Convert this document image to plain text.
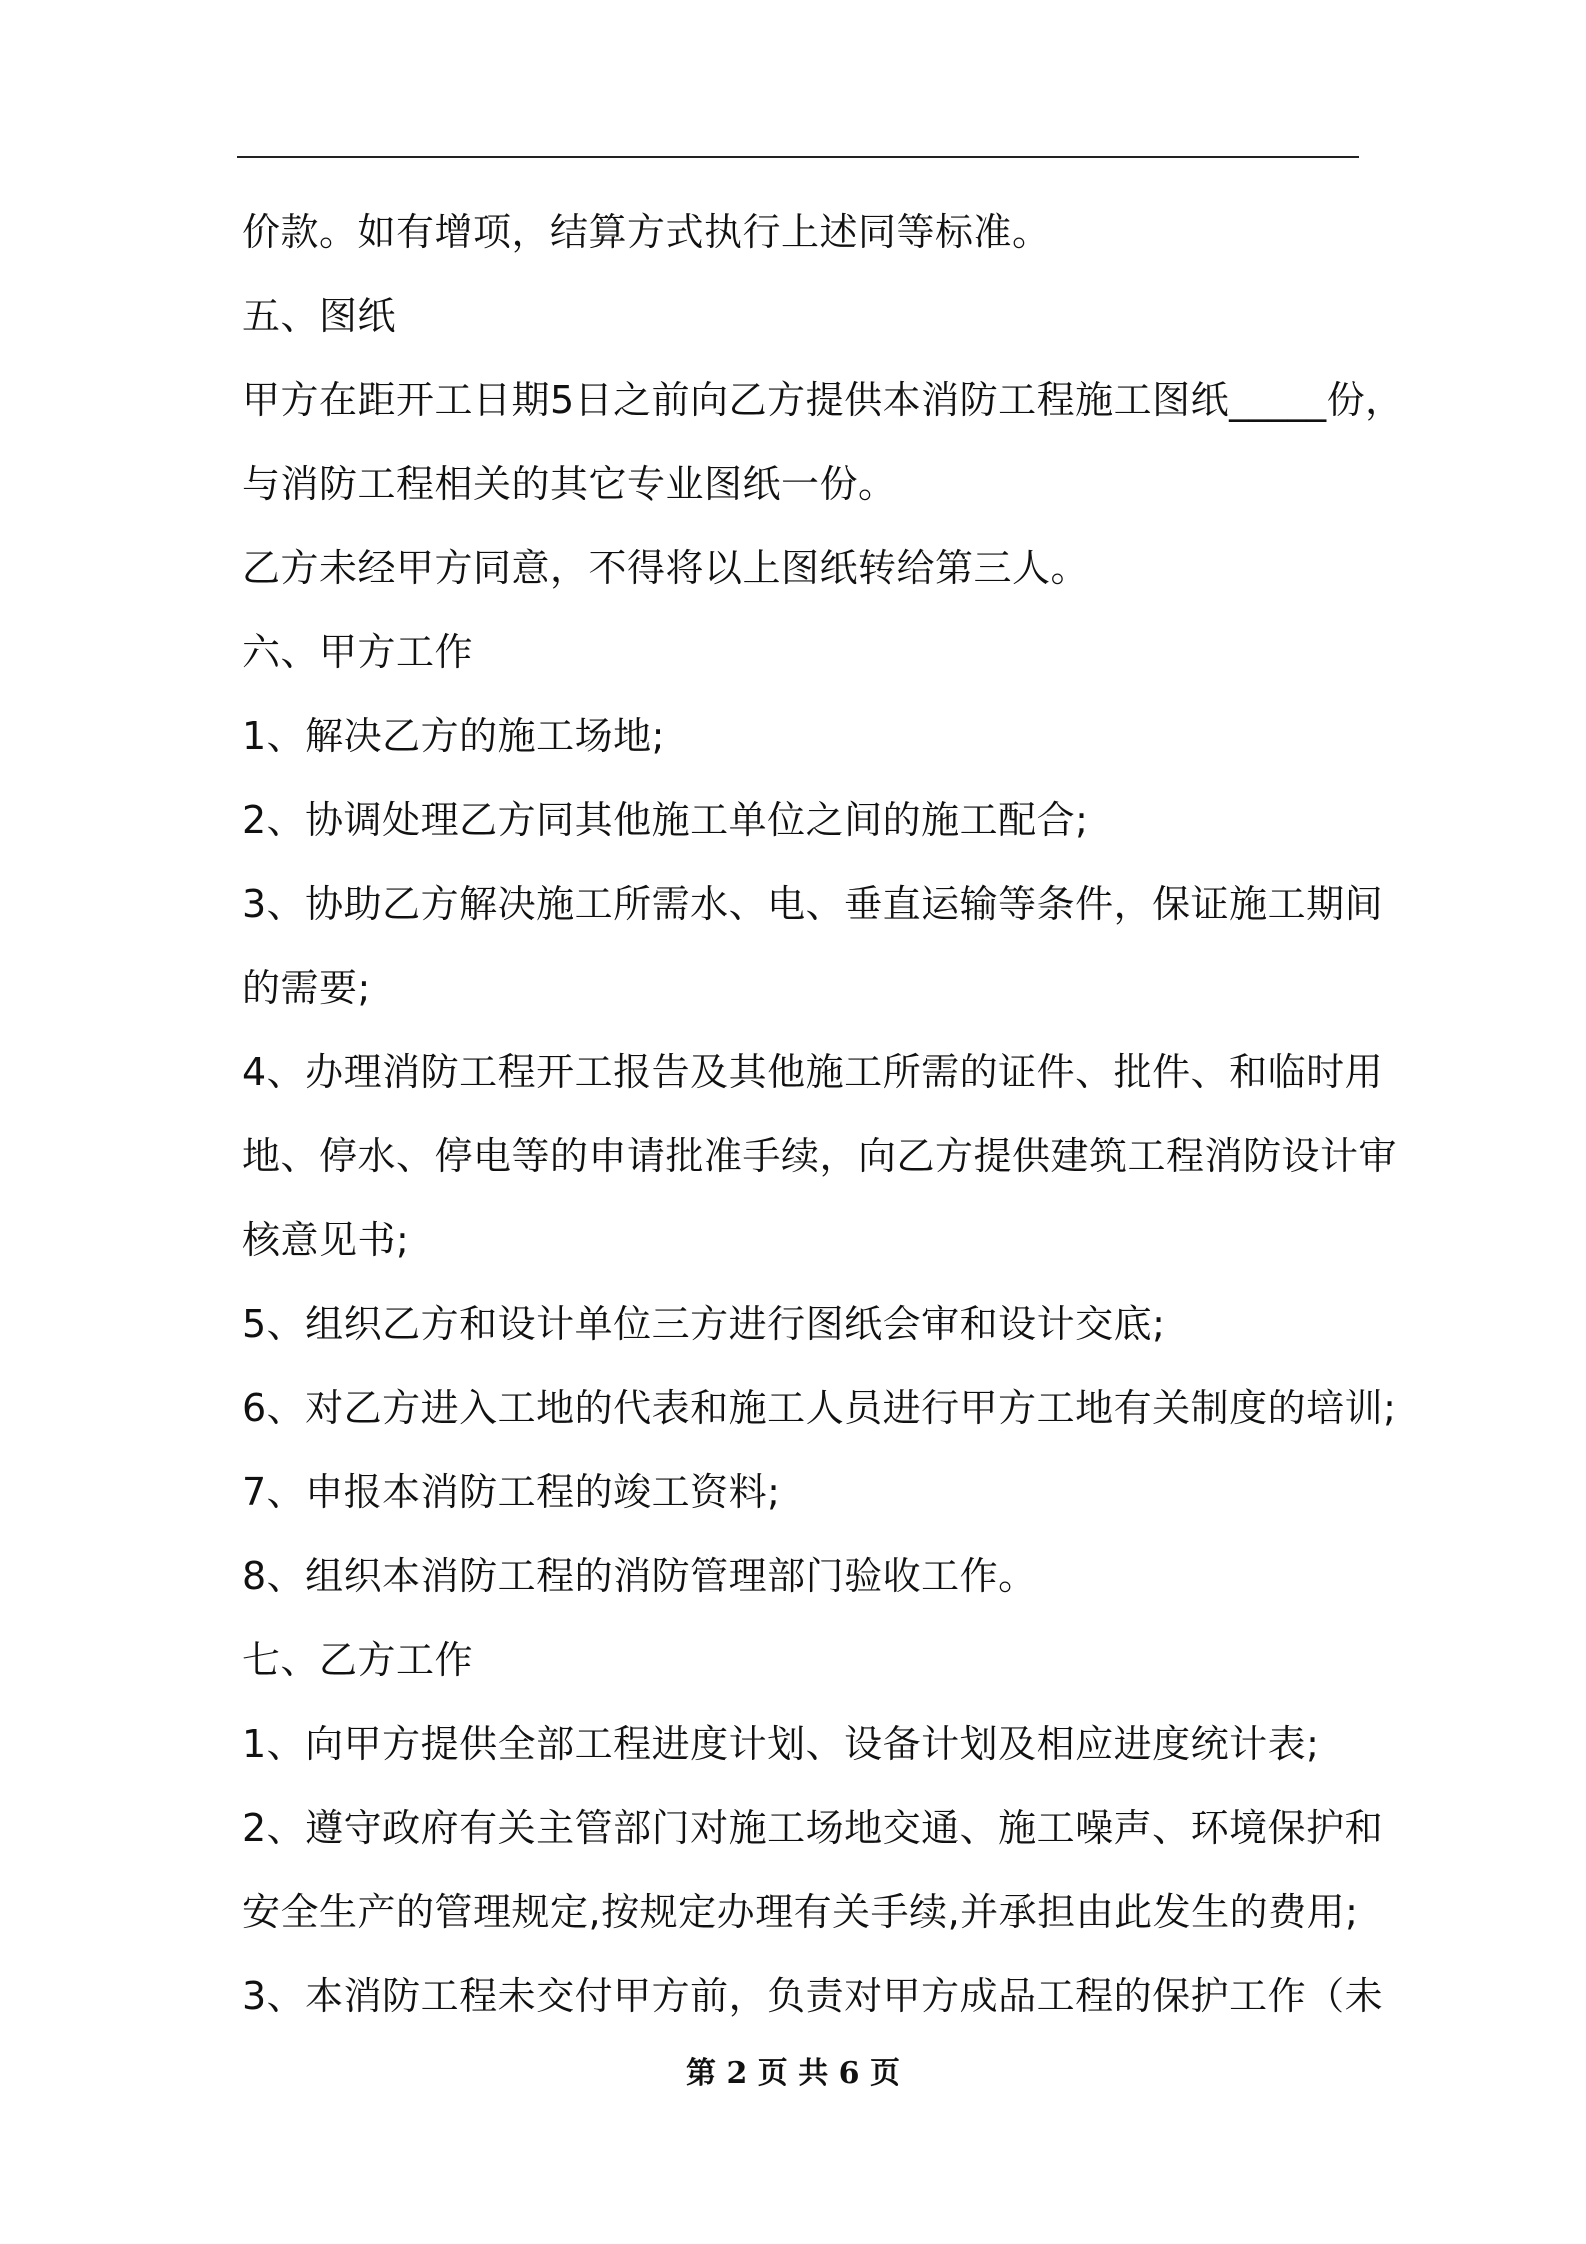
价款。如有增项，结算方式执行上述同等标准。
五、图纸
甲方在距开工日期5日之前向乙方提供本消防工程施工图纸_____份，
与消防工程相关的其它专业图纸一份。
乙方未经甲方同意，不得将以上图纸转给第三人。
六、甲方工作
1、解决乙方的施工场地;
2、协调处理乙方同其他施工单位之间的施工配合;
3、协助乙方解决施工所需水、电、垂直运输等条件，保证施工期间
的需要;
4、办理消防工程开工报告及其他施工所需的证件、批件、和临时用
地、停水、停电等的申请批准手续，向乙方提供建筑工程消防设计审
核意见书;
5、组织乙方和设计单位三方进行图纸会审和设计交底;
6、对乙方进入工地的代表和施工人员进行甲方工地有关制度的培训;
7、申报本消防工程的竣工资料;
8、组织本消防工程的消防管理部门验收工作。
七、乙方工作
1、向甲方提供全部工程进度计划、设备计划及相应进度统计表;
2、遵守政府有关主管部门对施工场地交通、施工噪声、环境保护和
安全生产的管理规定,按规定办理有关手续,并承担由此发生的费用;
3、本消防工程未交付甲方前，负责对甲方成品工程的保护工作（未
第 2 页 共 6 页
